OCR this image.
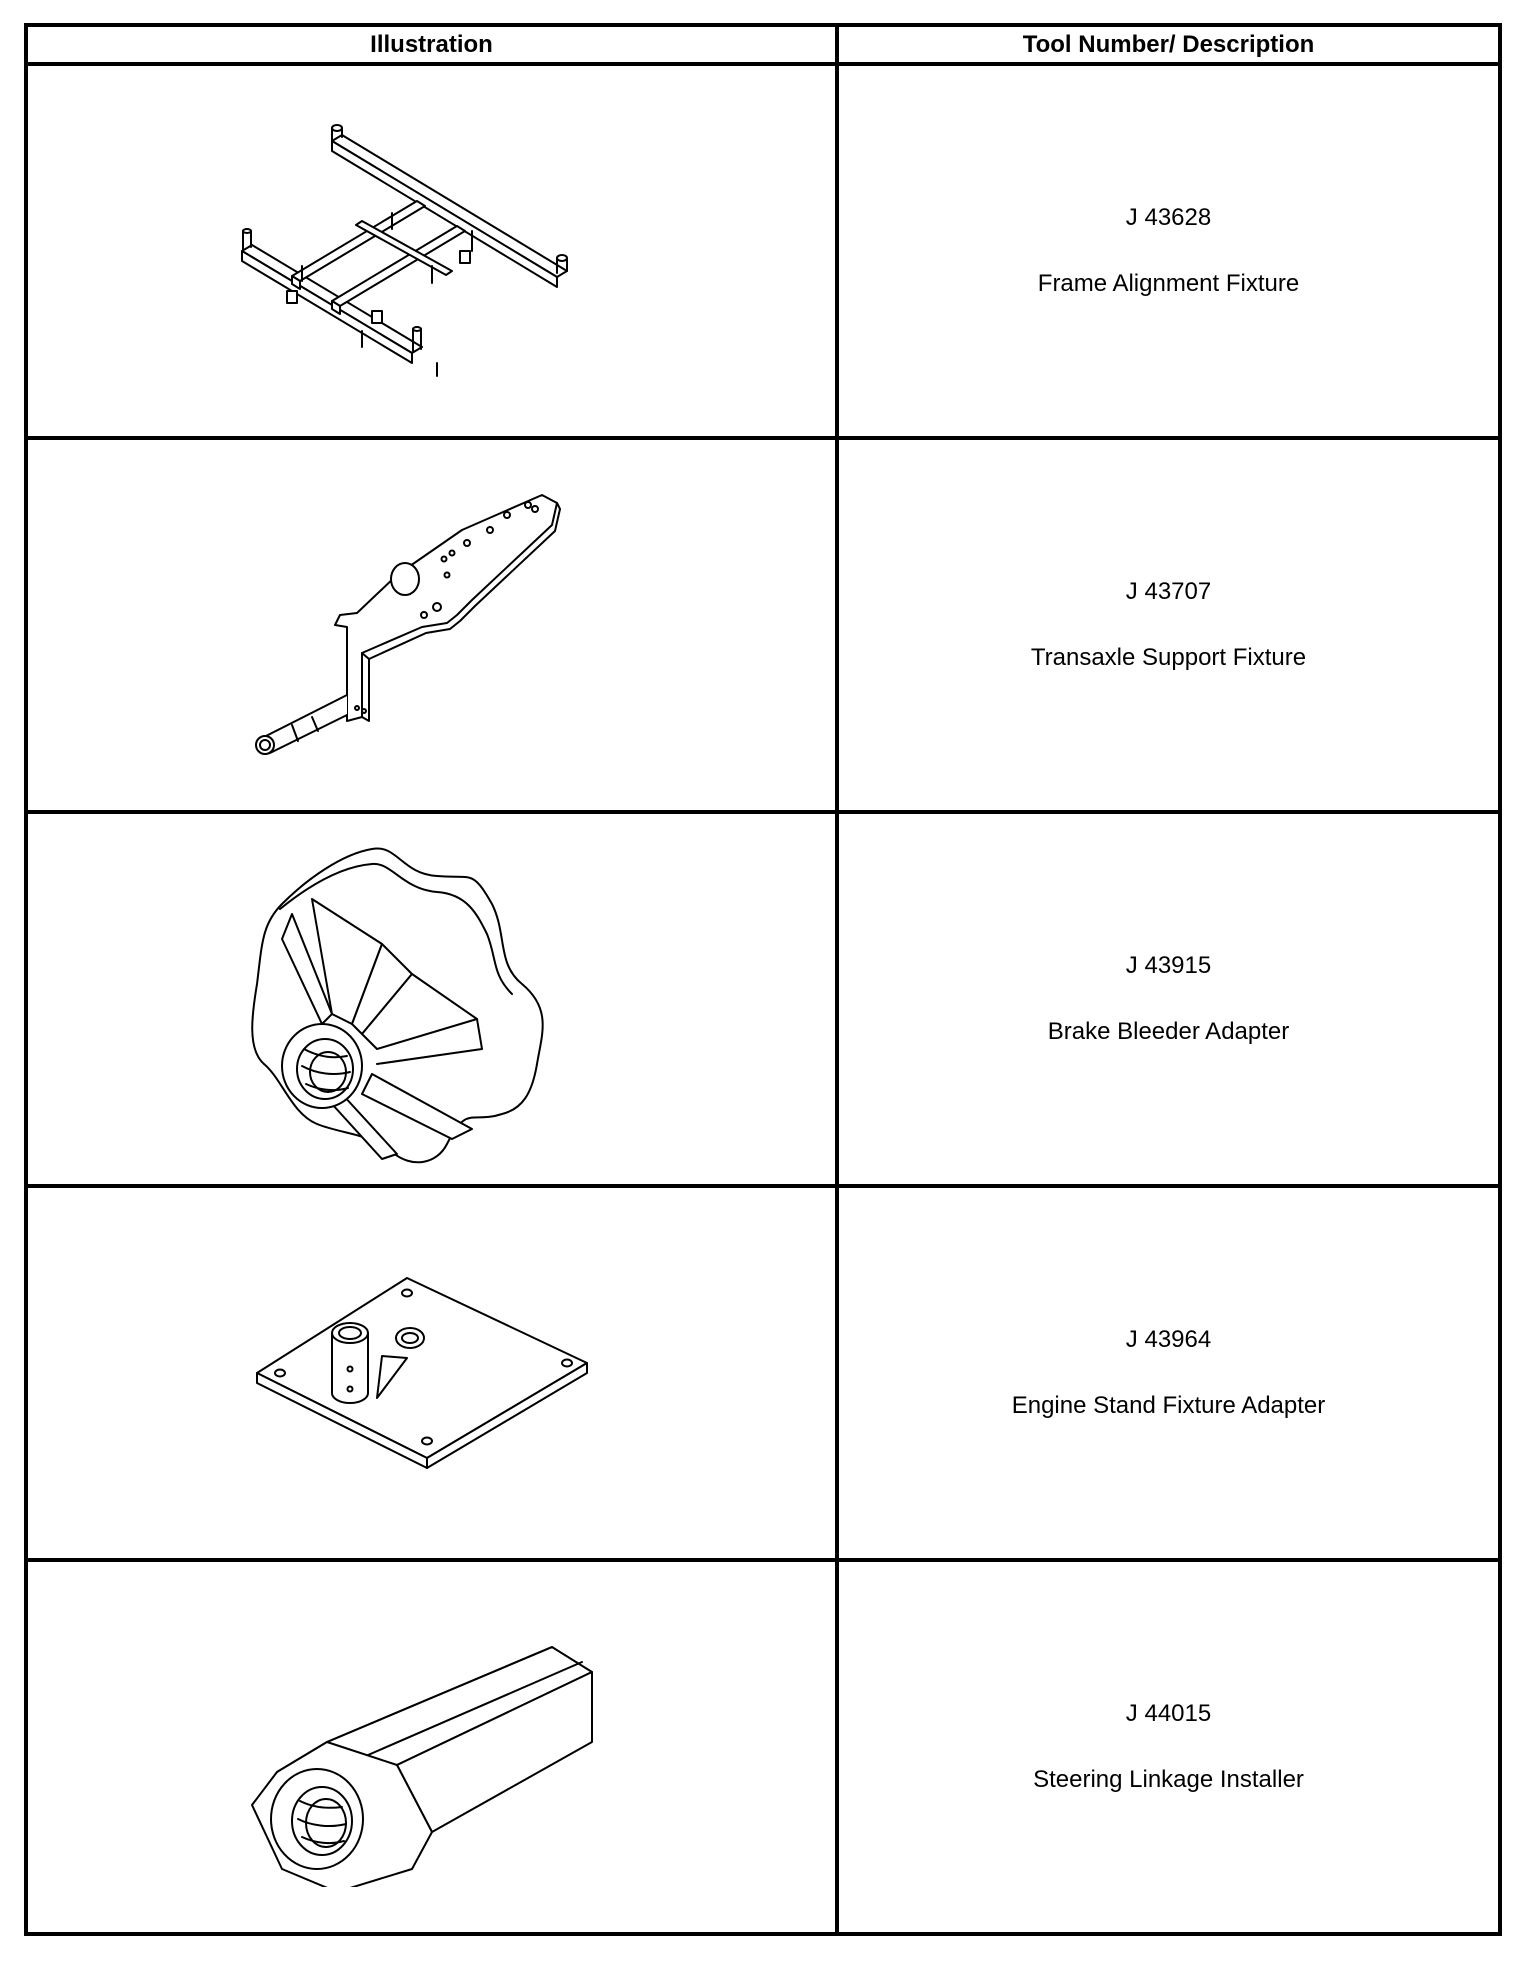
Illustration	Tool Number/ Description

J 43628
Frame Alignment Fixture

J 43707
Transaxle Support Fixture

J 43915
Brake Bleeder Adapter

J 43964
Engine Stand Fixture Adapter

J 44015
Steering Linkage Installer
